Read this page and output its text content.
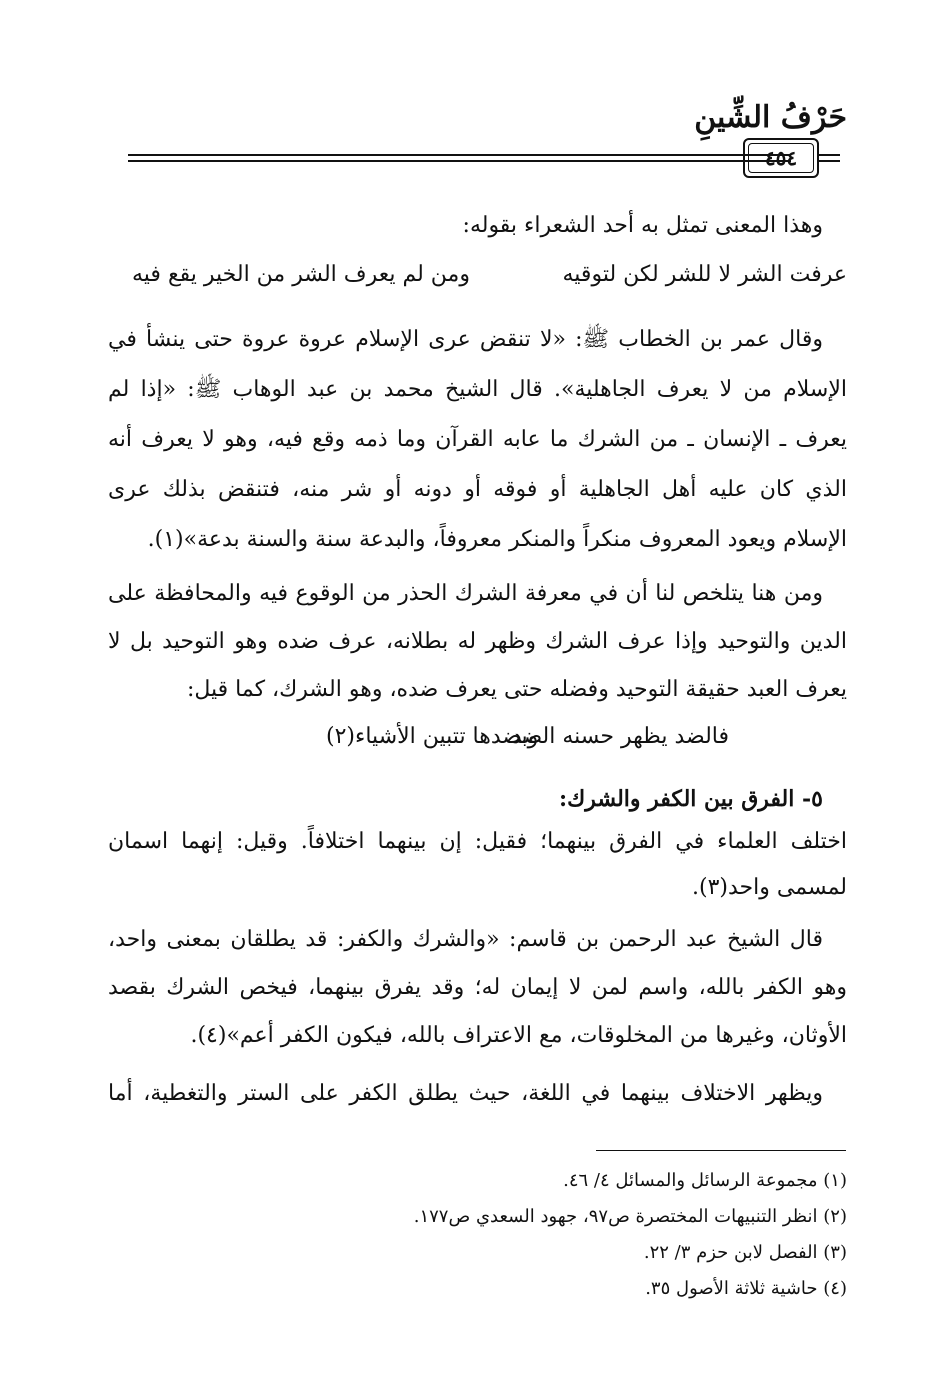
حَرْفُ الشِّينِ
٤٥٤
وهذا المعنى تمثل به أحد الشعراء بقوله:
عرفت الشر لا للشر لكن لتوقيه
ومن لم يعرف الشر من الخير يقع فيه
وقال عمر بن الخطاب ﷺ: «لا تنقض عرى الإسلام عروة عروة حتى ينشأ في
الإسلام من لا يعرف الجاهلية». قال الشيخ محمد بن عبد الوهاب ﷺ: «إذا لم
يعرف ـ الإنسان ـ من الشرك ما عابه القرآن وما ذمه وقع فيه، وهو لا يعرف أنه
الذي كان عليه أهل الجاهلية أو فوقه أو دونه أو شر منه، فتنقض بذلك عرى
الإسلام ويعود المعروف منكراً والمنكر معروفاً، والبدعة سنة والسنة بدعة»(١).
ومن هنا يتلخص لنا أن في معرفة الشرك الحذر من الوقوع فيه والمحافظة على
الدين والتوحيد وإذا عرف الشرك وظهر له بطلانه، عرف ضده وهو التوحيد بل لا
يعرف العبد حقيقة التوحيد وفضله حتى يعرف ضده، وهو الشرك، كما قيل:
فالضد يظهر حسنه الضد
وبضدها تتبين الأشياء(٢)
٥- الفرق بين الكفر والشرك:
اختلف العلماء في الفرق بينهما؛ فقيل: إن بينهما اختلافاً. وقيل: إنهما اسمان
لمسمى واحد(٣).
قال الشيخ عبد الرحمن بن قاسم: «والشرك والكفر: قد يطلقان بمعنى واحد،
وهو الكفر بالله، واسم لمن لا إيمان له؛ وقد يفرق بينهما، فيخص الشرك بقصد
الأوثان، وغيرها من المخلوقات، مع الاعتراف بالله، فيكون الكفر أعم»(٤).
ويظهر الاختلاف بينهما في اللغة، حيث يطلق الكفر على الستر والتغطية، أما
(١) مجموعة الرسائل والمسائل ٤/ ٤٦.
(٢) انظر التنبيهات المختصرة ص٩٧، جهود السعدي ص١٧٧.
(٣) الفصل لابن حزم ٣/ ٢٢.
(٤) حاشية ثلاثة الأصول ٣٥.
